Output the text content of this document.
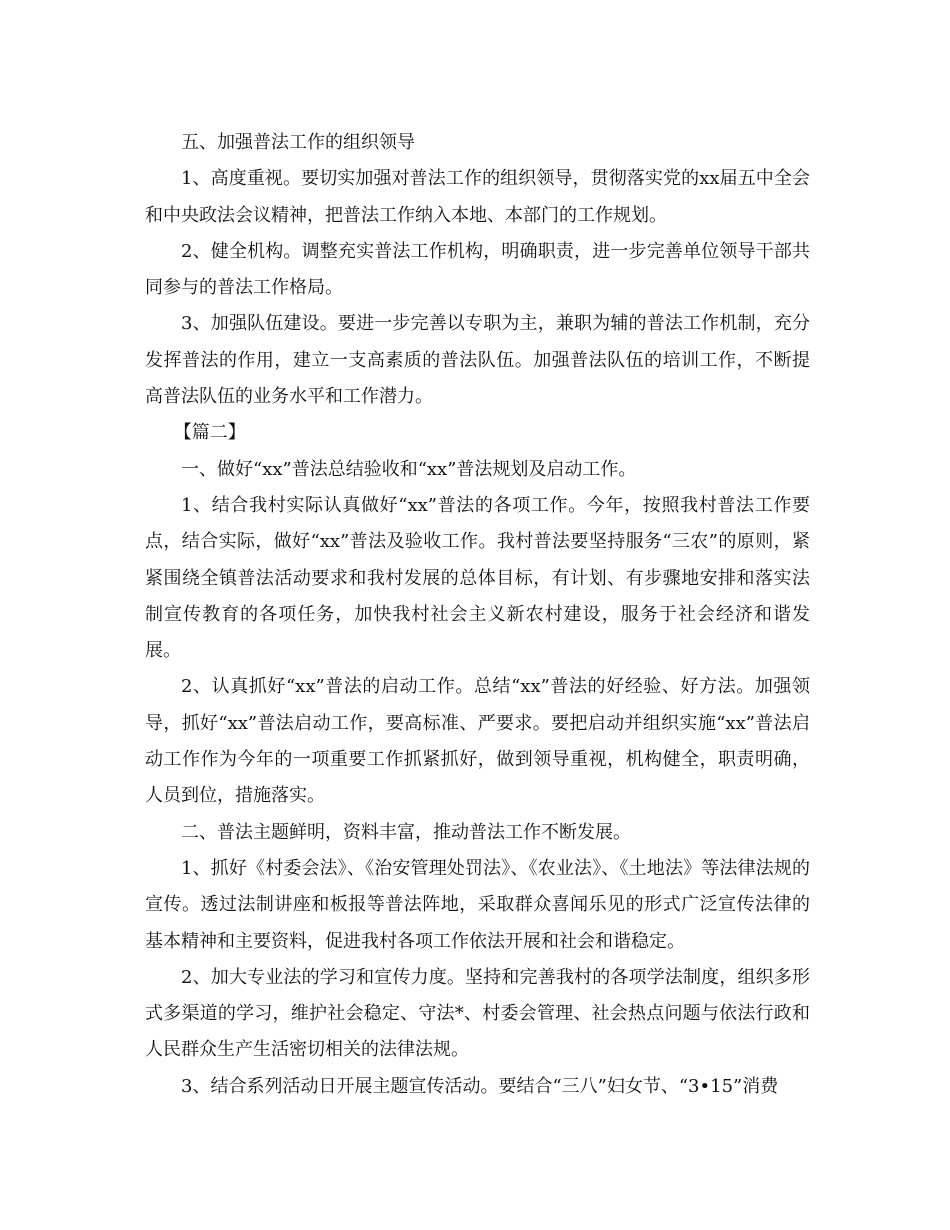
五、加强普法工作的组织领导

1、高度重视。要切实加强对普法工作的组织领导，贯彻落实党的xx届五中全会和中央政法会议精神，把普法工作纳入本地、本部门的工作规划。

2、健全机构。调整充实普法工作机构，明确职责，进一步完善单位领导干部共同参与的普法工作格局。

3、加强队伍建设。要进一步完善以专职为主，兼职为辅的普法工作机制，充分发挥普法的作用，建立一支高素质的普法队伍。加强普法队伍的培训工作，不断提高普法队伍的业务水平和工作潜力。

【篇二】

一、做好“xx”普法总结验收和“xx”普法规划及启动工作。

1、结合我村实际认真做好“xx”普法的各项工作。今年，按照我村普法工作要点，结合实际，做好“xx”普法及验收工作。我村普法要坚持服务“三农”的原则，紧紧围绕全镇普法活动要求和我村发展的总体目标，有计划、有步骤地安排和落实法制宣传教育的各项任务，加快我村社会主义新农村建设，服务于社会经济和谐发展。

2、认真抓好“xx”普法的启动工作。总结“xx”普法的好经验、好方法。加强领导，抓好“xx”普法启动工作，要高标准、严要求。要把启动并组织实施“xx”普法启动工作作为今年的一项重要工作抓紧抓好，做到领导重视，机构健全，职责明确，人员到位，措施落实。

二、普法主题鲜明，资料丰富，推动普法工作不断发展。

1、抓好《村委会法》、《治安管理处罚法》、《农业法》、《土地法》等法律法规的宣传。透过法制讲座和板报等普法阵地，采取群众喜闻乐见的形式广泛宣传法律的基本精神和主要资料，促进我村各项工作依法开展和社会和谐稳定。

2、加大专业法的学习和宣传力度。坚持和完善我村的各项学法制度，组织多形式多渠道的学习，维护社会稳定、守法*、村委会管理、社会热点问题与依法行政和人民群众生产生活密切相关的法律法规。

3、结合系列活动日开展主题宣传活动。要结合“三八”妇女节、“3•15”消费
